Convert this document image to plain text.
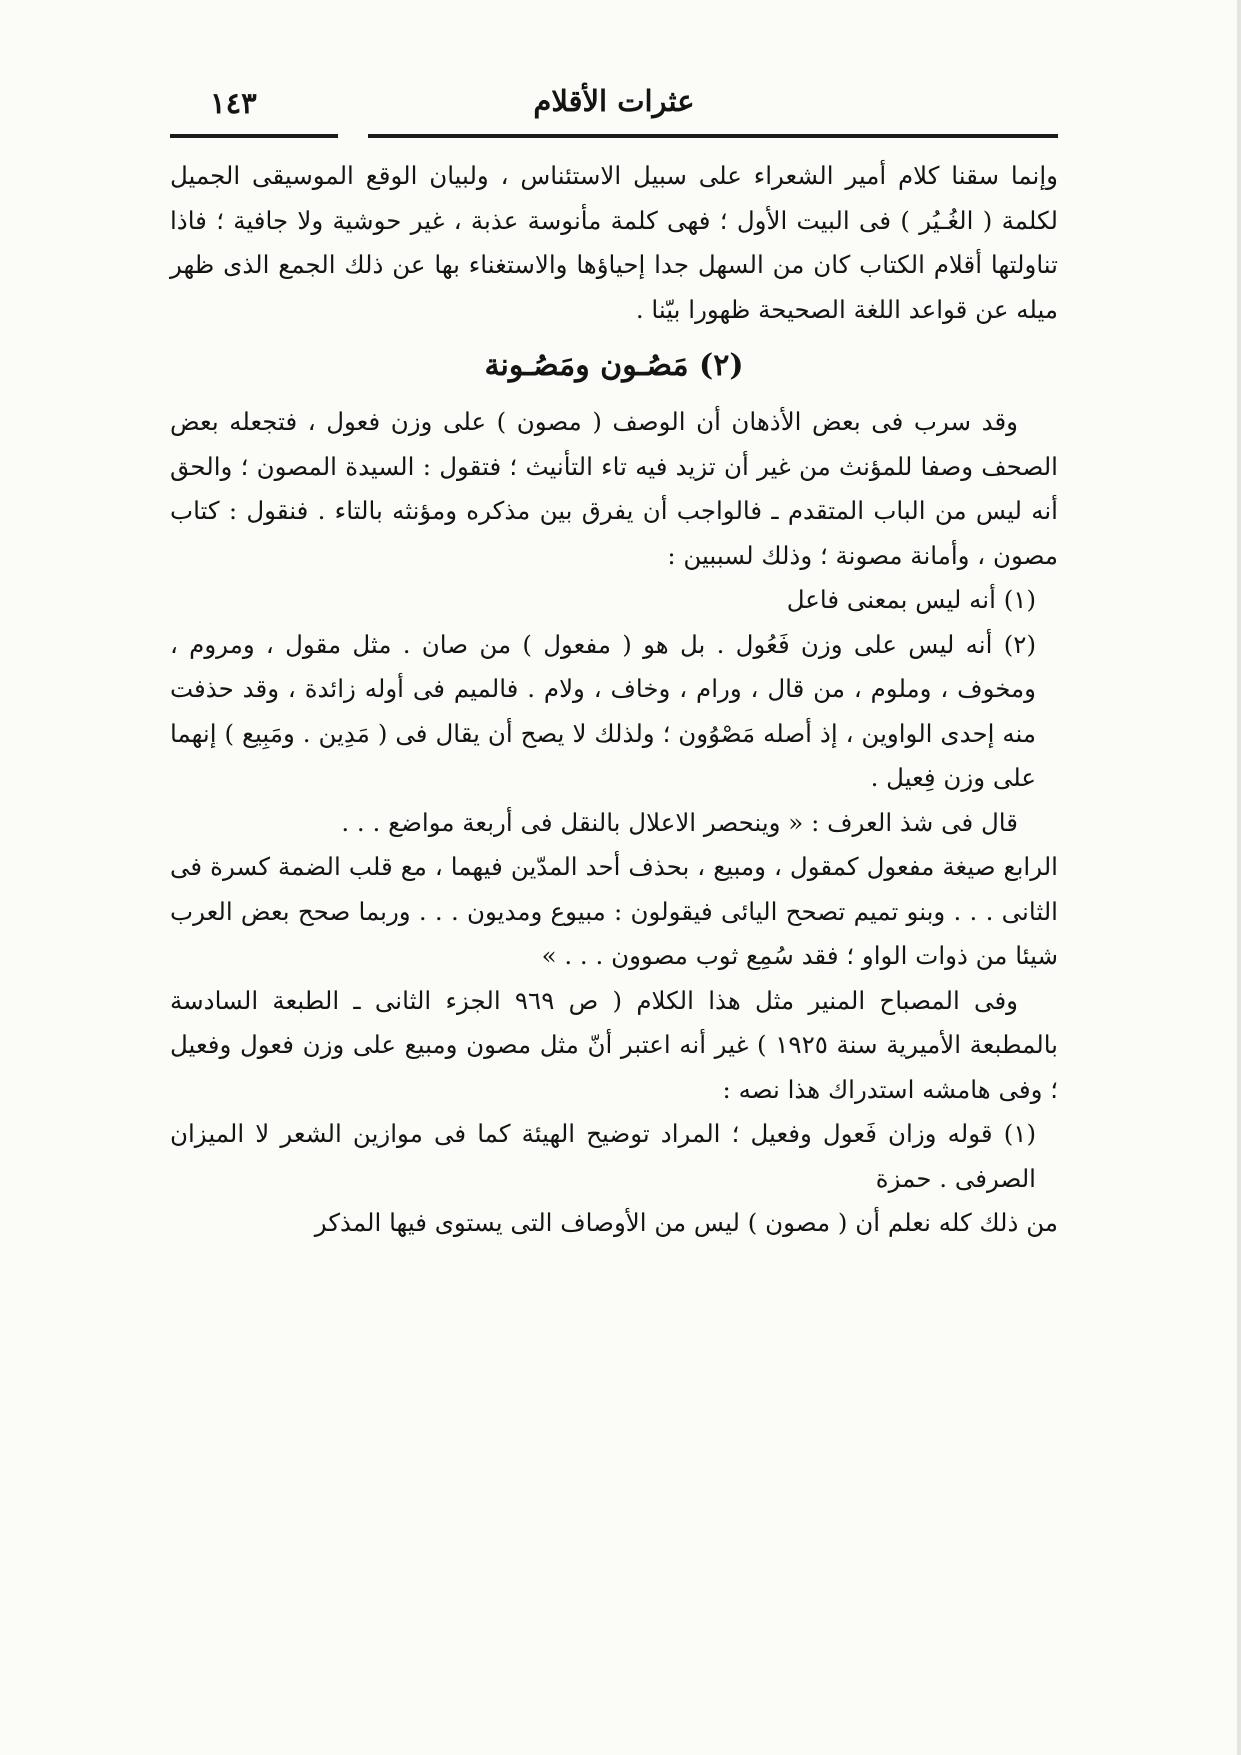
عثرات الأقلام
١٤٣

وإنما سقنا كلام أمير الشعراء على سبيل الاستئناس ، ولبيان الوقع الموسيقى الجميل لكلمة ( الغُـيُر ) فى البيت الأول ؛ فهى كلمة مأنوسة عذبة ، غير حوشية ولا جافية ؛ فاذا تناولتها أقلام الكتاب كان من السهل جدا إحياؤها والاستغناء بها عن ذلك الجمع الذى ظهر ميله عن قواعد اللغة الصحيحة ظهورا بيّنا .

(٢) مَصُـون ومَصُـونة

وقد سرب فى بعض الأذهان أن الوصف ( مصون ) على وزن فعول ، فتجعله بعض الصحف وصفا للمؤنث من غير أن تزيد فيه تاء التأنيث ؛ فتقول : السيدة المصون ؛ والحق أنه ليس من الباب المتقدم ـ فالواجب أن يفرق بين مذكره ومؤنثه بالتاء . فنقول : كتاب مصون ، وأمانة مصونة ؛ وذلك لسببين :

(١) أنه ليس بمعنى فاعل

(٢) أنه ليس على وزن فَعُول . بل هو ( مفعول ) من صان . مثل مقول ، ومروم ، ومخوف ، وملوم ، من قال ، ورام ، وخاف ، ولام . فالميم فى أوله زائدة ، وقد حذفت منه إحدى الواوين ، إذ أصله مَصْوُون ؛ ولذلك لا يصح أن يقال فى ( مَدِين . ومَبِيع ) إنهما على وزن فِعيل .

قال فى شذ العرف : « وينحصر الاعلال بالنقل فى أربعة مواضع . . .

الرابع صيغة مفعول كمقول ، ومبيع ، بحذف أحد المدّين فيهما ، مع قلب الضمة كسرة فى الثانى . . . وبنو تميم تصحح اليائى فيقولون : مبيوع ومديون . . . وربما صحح بعض العرب شيئا من ذوات الواو ؛ فقد سُمِع ثوب مصوون . . . »

وفى المصباح المنير مثل هذا الكلام ( ص ٩٦٩ الجزء الثانى ـ الطبعة السادسة بالمطبعة الأميرية سنة ١٩٢٥ ) غير أنه اعتبر أنّ مثل مصون ومبيع على وزن فعول وفعيل ؛ وفى هامشه استدراك هذا نصه :

(١) قوله وزان فَعول وفعيل ؛ المراد توضيح الهيئة كما فى موازين الشعر لا الميزان الصرفى . حمزة

من ذلك كله نعلم أن ( مصون ) ليس من الأوصاف التى يستوى فيها المذكر
